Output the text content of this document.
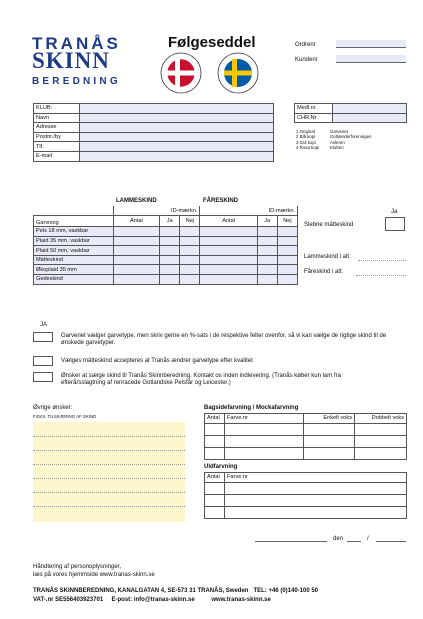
TRANÅS
SKINN
BEREDNING
Følgeseddel	Ordrenr
Kundenr
KLUB:	
Navn	
Adresse	
Postnr./by	
Tlf.	
E-mail	
Medl.nr	
CHR.Nr	
1 Original	Garveriet
2 Blå kopi	Gotlænderforeningen
3 Gul kopi	Avleren
4 Rosa kopi Kluben
LAMMESKIND	FÅRESKIND
	ID-mærkn.			ID-mærkn.		
Garvning	Antal	Ja	Nej	Antal	Ja	Nej
Pels 18 mm, vaskbar						
Plaid 35 mm, vaskbar						
Plaid 50 mm, vaskbar						
Mätteskind						
Økoplaid 35 mm						
Gedeskind						
Ja
Slebne mätteskind
Lammeskind i alt:
Fåreskind i alt:
JA
Garveriet vælger garvetype, men skriv gerne en %-sats i de respektive felter ovenfor, så vi kan vælge de rigtige skind til de ønskede garvetyper.
Vælges mätteskind accepteres at Tranås ændrer garvetype efter kvalitet
Ønsker at sælge skind til Tranås Skinnberedning. Kontakt os inden indlevering. (Tranås køber kun lam fra efterårsslagtning af renracede Gotlandske Pelsfår og Leicester.)
Øvrige ønsker:
F.EKS. TILSKÆRING AF SKIND
Bagsidefarvning / Mockafarvning
Antal	Farve.nr	Enkelt voks	Dobbelt voks

Uldfarvning
Antal	Farve.nr

den	/
Håndtering af personoplysninger,
læs på vores hjemmside www.tranas-skinn.se
TRANÅS SKINNBEREDNING, KANALGATAN 4, SE-573 31 TRANÅS, Sweden   TEL: +46 (0)140-100 50
VAT-.nr SE556403923701     E-post: info@tranas-skinn.se          www.tranas-skinn.se
